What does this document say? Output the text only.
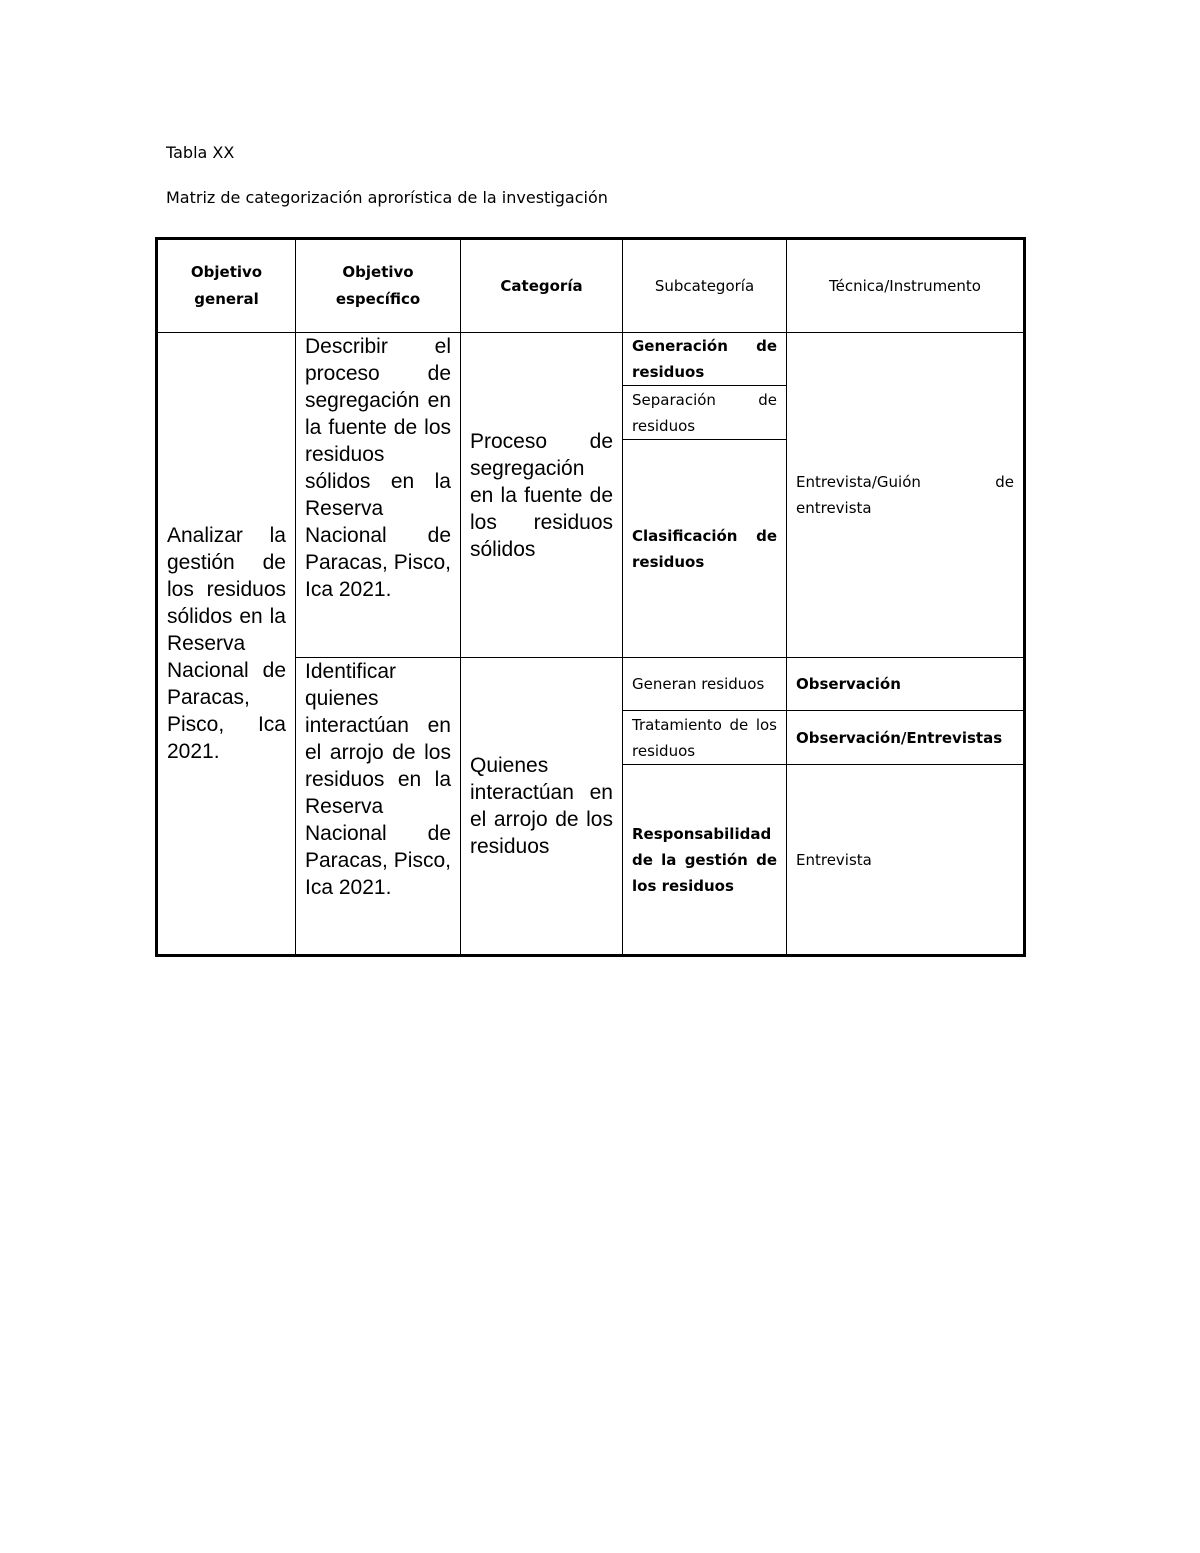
Tabla XX

Matriz de categorización aprorística de la investigación

Objetivo general	Objetivo específico	Categoría	Subcategoría	Técnica/Instrumento
Analizar la gestión de los residuos sólidos en la Reserva Nacional de Paracas, Pisco, Ica 2021.	Describir el proceso de segregación en la fuente de los residuos sólidos en la Reserva Nacional de Paracas, Pisco, Ica 2021.	Proceso de segregación en la fuente de los residuos sólidos	Generación de residuos	Entrevista/Guión de entrevista
			Separación de residuos	
			Clasificación de residuos	
	Identificar quienes interactúan en el arrojo de los residuos en la Reserva Nacional de Paracas, Pisco, Ica 2021.	Quienes interactúan en el arrojo de los residuos	Generan residuos	Observación
			Tratamiento de los residuos	Observación/Entrevistas
			Responsabilidad de la gestión de los residuos	Entrevista
